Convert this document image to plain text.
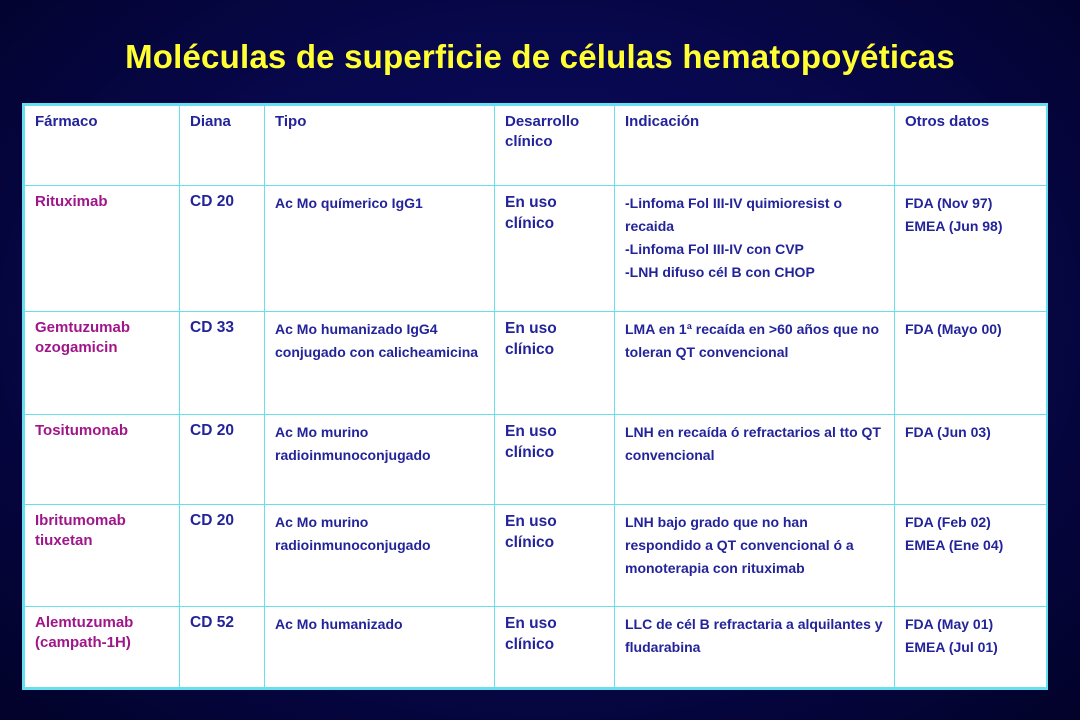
Moléculas de superficie de células hematopoyéticas
Fármaco	Diana	Tipo	Desarrollo clínico	Indicación	Otros datos
Rituximab	CD 20	Ac Mo químerico IgG1	En uso clínico	-Linfoma Fol III-IV quimioresist o recaida
-Linfoma Fol III-IV con CVP
-LNH difuso cél B con CHOP	FDA (Nov 97)
EMEA (Jun 98)

Gemtuzumab ozogamicin	CD 33	Ac Mo humanizado IgG4
conjugado con calicheamicina	En uso clínico	LMA en 1ª recaída en >60 años que no toleran QT convencional	FDA (Mayo 00)

Tositumonab	CD 20	Ac Mo murino
radioinmunoconjugado	En uso clínico	LNH en recaída ó refractarios al tto QT convencional	FDA (Jun 03)

Ibritumomab tiuxetan	CD 20	Ac Mo murino
radioinmunoconjugado	En uso clínico	LNH bajo grado que no han respondido a QT convencional ó a monoterapia con rituximab	FDA (Feb 02)
EMEA (Ene 04)

Alemtuzumab (campath-1H)	CD 52	Ac Mo humanizado	En uso clínico	LLC de cél B refractaria a alquilantes y fludarabina	FDA (May 01)
EMEA (Jul 01)
